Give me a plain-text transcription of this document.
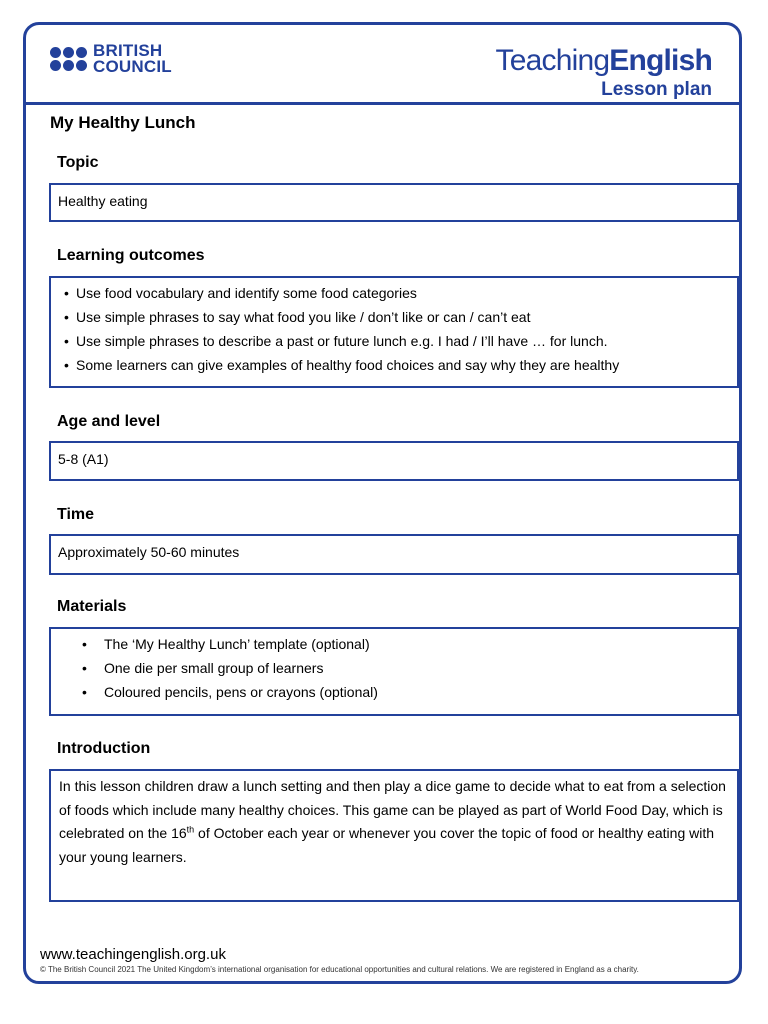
BRITISH
COUNCIL	TeachingEnglish
Lesson plan
My Healthy Lunch
Topic
Healthy eating
Learning outcomes
• Use food vocabulary and identify some food categories
• Use simple phrases to say what food you like / don’t like or can / can’t eat
• Use simple phrases to describe a past or future lunch e.g. I had / I’ll have … for lunch.
• Some learners can give examples of healthy food choices and say why they are healthy
Age and level
5-8 (A1)
Time
Approximately 50-60 minutes
Materials
• The ‘My Healthy Lunch’ template (optional)
• One die per small group of learners
• Coloured pencils, pens or crayons (optional)
Introduction
In this lesson children draw a lunch setting and then play a dice game to decide what to eat from a selection of foods which include many healthy choices. This game can be played as part of World Food Day, which is celebrated on the 16th of October each year or whenever you cover the topic of food or healthy eating with your young learners.
www.teachingenglish.org.uk
© The British Council 2021 The United Kingdom’s international organisation for educational opportunities and cultural relations. We are registered in England as a charity.
